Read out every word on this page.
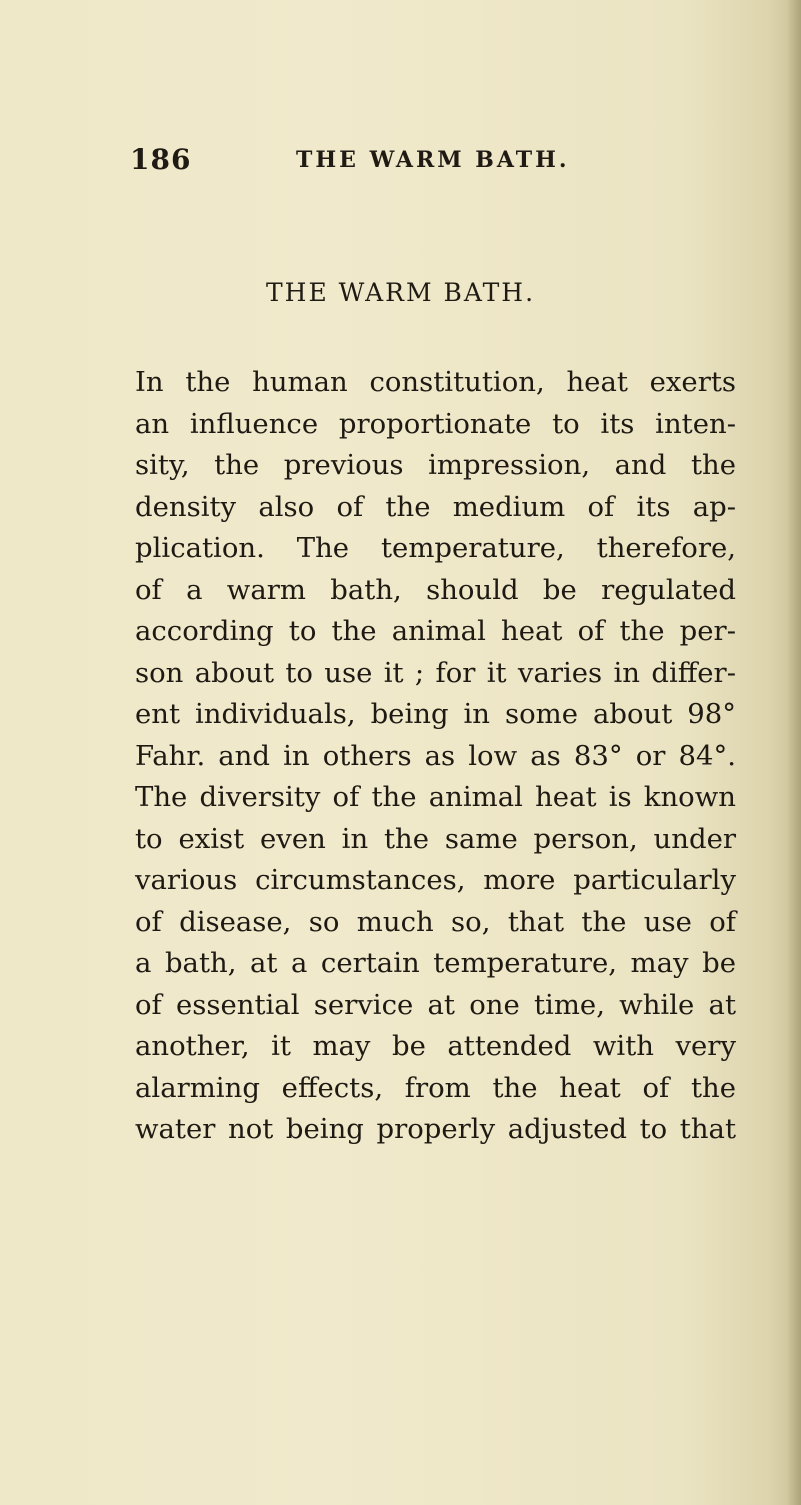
186	THE WARM BATH.
THE WARM BATH.
In the human constitution, heat exerts
an influence proportionate to its inten-
sity, the previous impression, and the
density also of the medium of its ap-
plication. The temperature, therefore,
of a warm bath, should be regulated
according to the animal heat of the per-
son about to use it ; for it varies in differ-
ent individuals, being in some about 98°
Fahr. and in others as low as 83° or 84°.
The diversity of the animal heat is known
to exist even in the same person, under
various circumstances, more particularly
of disease, so much so, that the use of
a bath, at a certain temperature, may be
of essential service at one time, while at
another, it may be attended with very
alarming effects, from the heat of the
water not being properly adjusted to that
